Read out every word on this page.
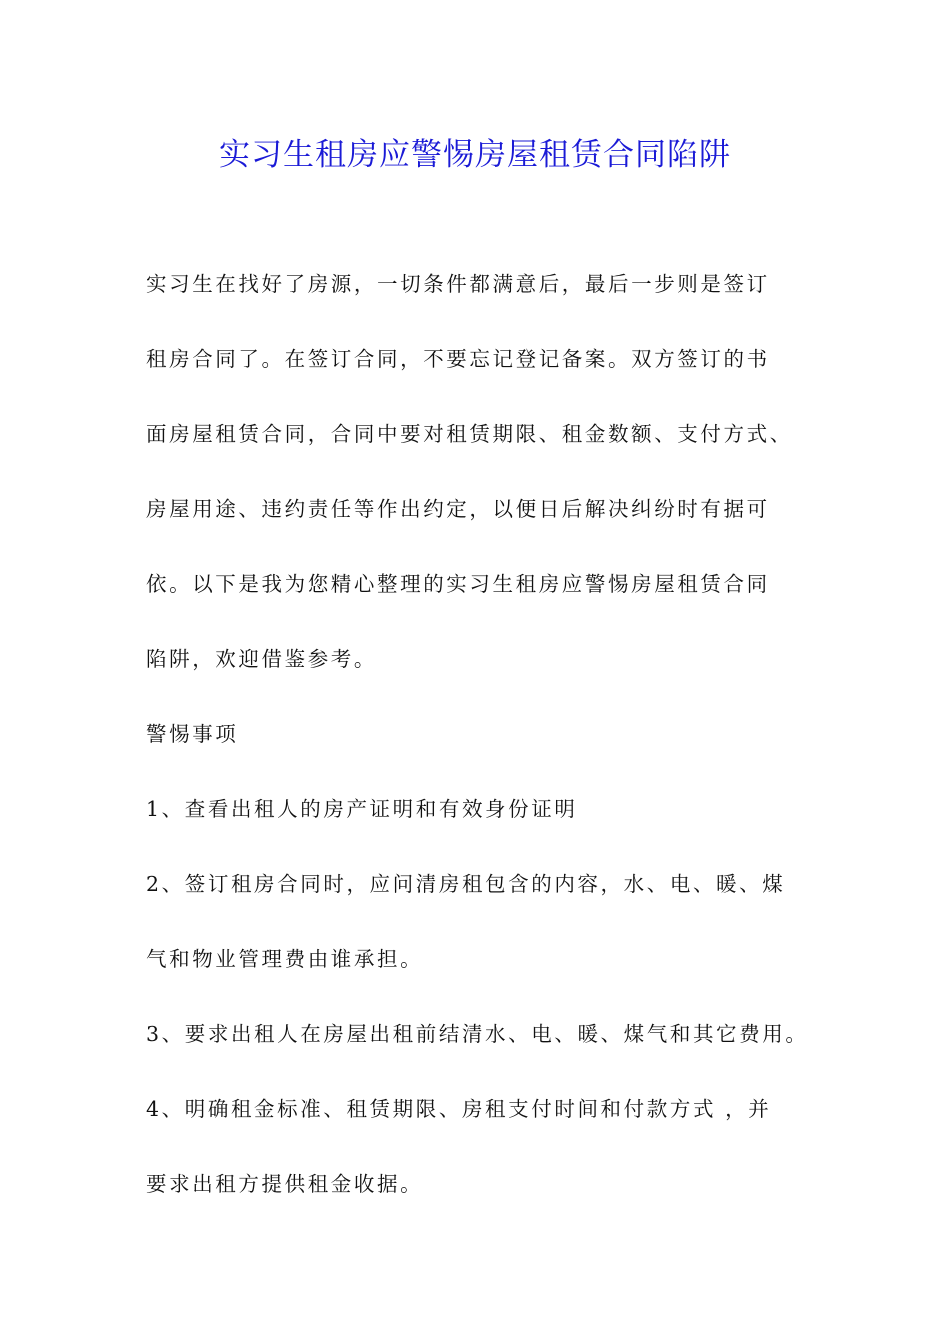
实习生租房应警惕房屋租赁合同陷阱

实习生在找好了房源，一切条件都满意后，最后一步则是签订

租房合同了。在签订合同，不要忘记登记备案。双方签订的书

面房屋租赁合同，合同中要对租赁期限、租金数额、支付方式、

房屋用途、违约责任等作出约定，以便日后解决纠纷时有据可

依。以下是我为您精心整理的实习生租房应警惕房屋租赁合同

陷阱，欢迎借鉴参考。

警惕事项

1、查看出租人的房产证明和有效身份证明

2、签订租房合同时，应问清房租包含的内容，水、电、暖、煤

气和物业管理费由谁承担。

3、要求出租人在房屋出租前结清水、电、暖、煤气和其它费用。

4、明确租金标准、租赁期限、房租支付时间和付款方式 ，并

要求出租方提供租金收据。
